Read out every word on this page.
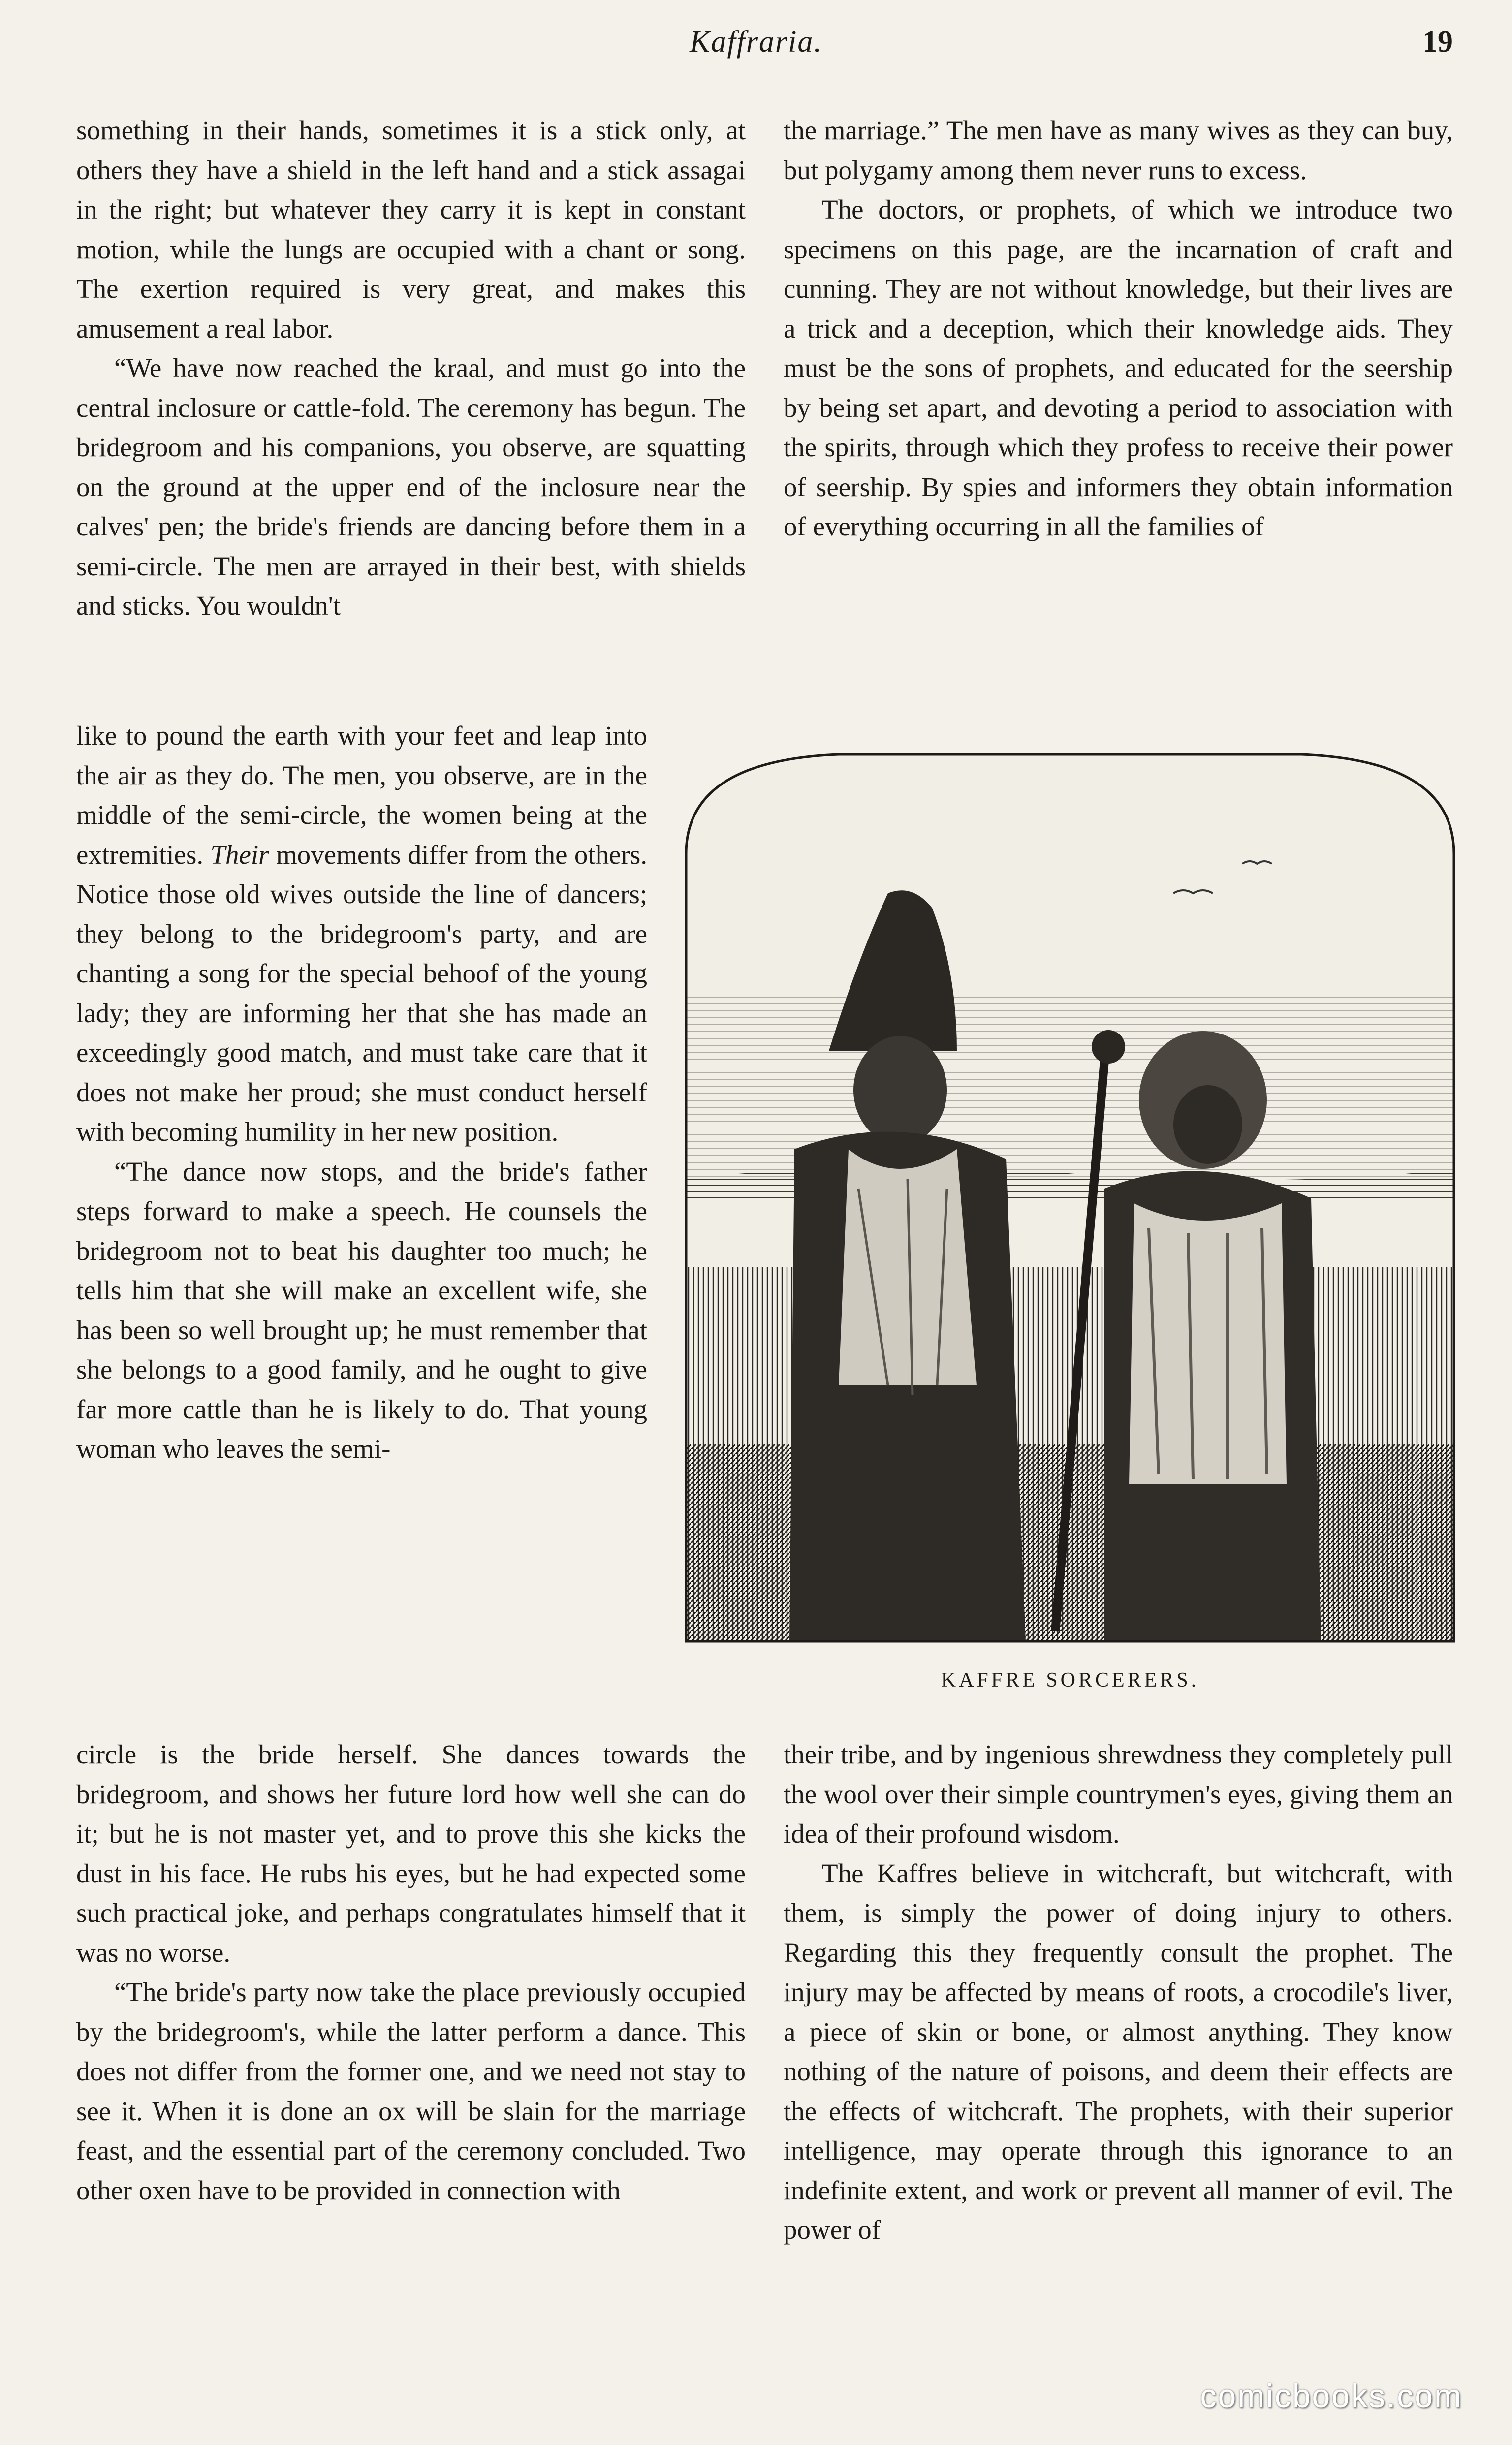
Kaffraria.	19

something in their hands, sometimes it is a stick only, at others they have a shield in the left hand and a stick assagai in the right; but whatever they carry it is kept in constant motion, while the lungs are occupied with a chant or song. The exertion required is very great, and makes this amusement a real labor.

“We have now reached the kraal, and must go into the central inclosure or cattle-fold. The ceremony has begun. The bridegroom and his companions, you observe, are squatting on the ground at the upper end of the inclosure near the calves' pen; the bride's friends are dancing before them in a semi-circle. The men are arrayed in their best, with shields and sticks. You wouldn't

like to pound the earth with your feet and leap into the air as they do. The men, you observe, are in the middle of the semi-circle, the women being at the extremities. Their movements differ from the others. Notice those old wives outside the line of dancers; they belong to the bridegroom's party, and are chanting a song for the special behoof of the young lady; they are informing her that she has made an exceedingly good match, and must take care that it does not make her proud; she must conduct herself with becoming humility in her new position.

“The dance now stops, and the bride's father steps forward to make a speech. He counsels the bridegroom not to beat his daughter too much; he tells him that she will make an excellent wife, she has been so well brought up; he must remember that she belongs to a good family, and he ought to give far more cattle than he is likely to do. That young woman who leaves the semi-

circle is the bride herself. She dances towards the bridegroom, and shows her future lord how well she can do it; but he is not master yet, and to prove this she kicks the dust in his face. He rubs his eyes, but he had expected some such practical joke, and perhaps congratulates himself that it was no worse.

“The bride's party now take the place previously occupied by the bridegroom's, while the latter perform a dance. This does not differ from the former one, and we need not stay to see it. When it is done an ox will be slain for the marriage feast, and the essential part of the ceremony concluded. Two other oxen have to be provided in connection with

the marriage.” The men have as many wives as they can buy, but polygamy among them never runs to excess.

The doctors, or prophets, of which we introduce two specimens on this page, are the incarnation of craft and cunning. They are not without knowledge, but their lives are a trick and a deception, which their knowledge aids. They must be the sons of prophets, and educated for the seership by being set apart, and devoting a period to association with the spirits, through which they profess to receive their power of seership. By spies and informers they obtain information of everything occurring in all the families of

KAFFRE SORCERERS.

their tribe, and by ingenious shrewdness they completely pull the wool over their simple countrymen's eyes, giving them an idea of their profound wisdom.

The Kaffres believe in witchcraft, but witchcraft, with them, is simply the power of doing injury to others. Regarding this they frequently consult the prophet. The injury may be affected by means of roots, a crocodile's liver, a piece of skin or bone, or almost anything. They know nothing of the nature of poisons, and deem their effects are the effects of witchcraft. The prophets, with their superior intelligence, may operate through this ignorance to an indefinite extent, and work or prevent all manner of evil. The power of

comicbooks.com
